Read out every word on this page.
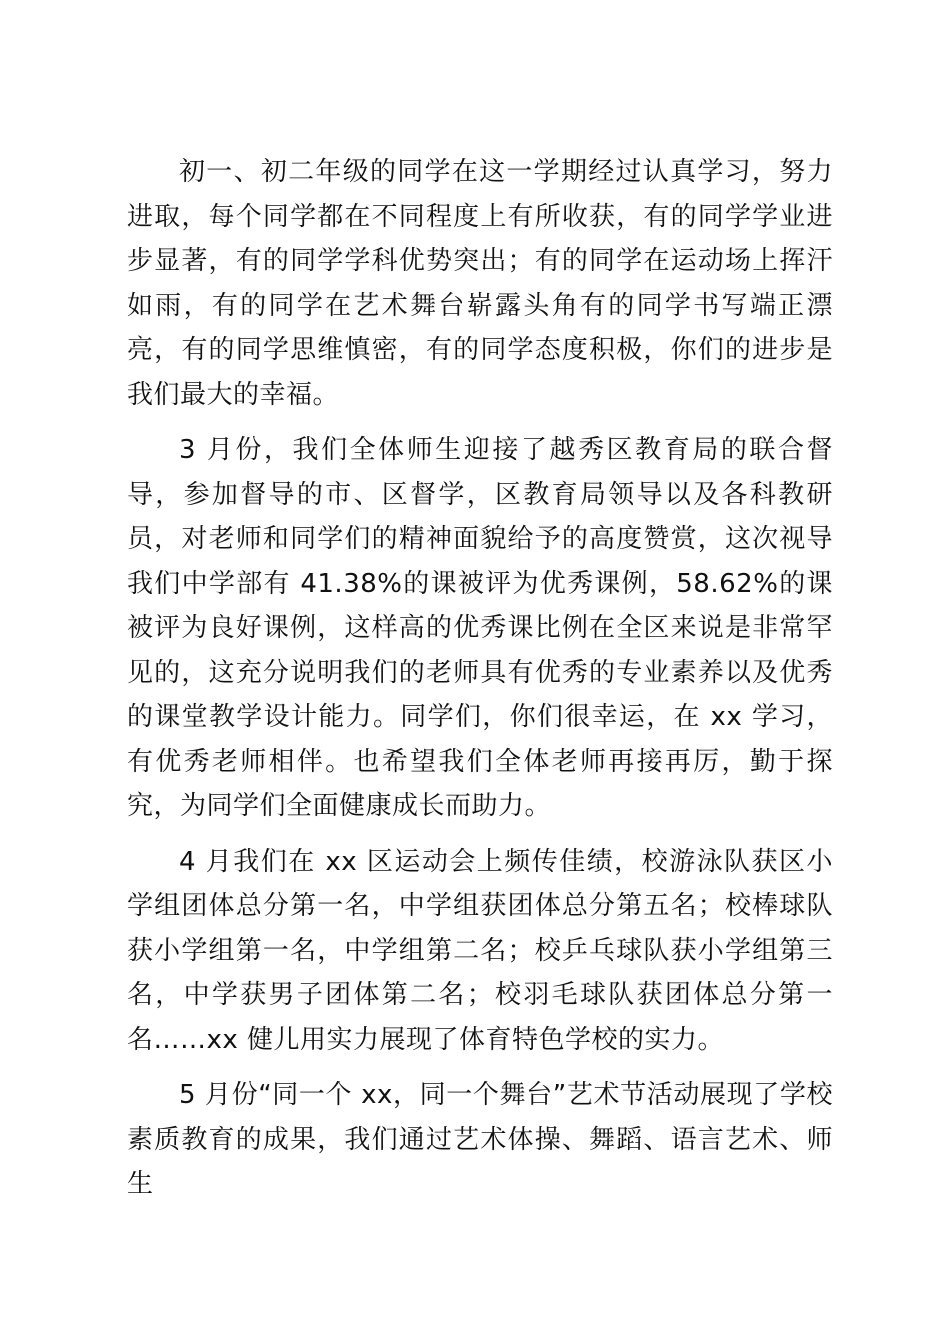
初一、初二年级的同学在这一学期经过认真学习，努力进取，每个同学都在不同程度上有所收获，有的同学学业进步显著，有的同学学科优势突出；有的同学在运动场上挥汗如雨，有的同学在艺术舞台崭露头角有的同学书写端正漂亮，有的同学思维慎密，有的同学态度积极，你们的进步是我们最大的幸福。

3 月份，我们全体师生迎接了越秀区教育局的联合督导，参加督导的市、区督学，区教育局领导以及各科教研员，对老师和同学们的精神面貌给予的高度赞赏，这次视导我们中学部有 41.38%的课被评为优秀课例，58.62%的课被评为良好课例，这样高的优秀课比例在全区来说是非常罕见的，这充分说明我们的老师具有优秀的专业素养以及优秀的课堂教学设计能力。同学们，你们很幸运，在 xx 学习，有优秀老师相伴。也希望我们全体老师再接再厉，勤于探究，为同学们全面健康成长而助力。

4 月我们在 xx 区运动会上频传佳绩，校游泳队获区小学组团体总分第一名，中学组获团体总分第五名；校棒球队获小学组第一名，中学组第二名；校乒乓球队获小学组第三名，中学获男子团体第二名；校羽毛球队获团体总分第一名……xx 健儿用实力展现了体育特色学校的实力。

5 月份“同一个 xx，同一个舞台”艺术节活动展现了学校素质教育的成果，我们通过艺术体操、舞蹈、语言艺术、师生
